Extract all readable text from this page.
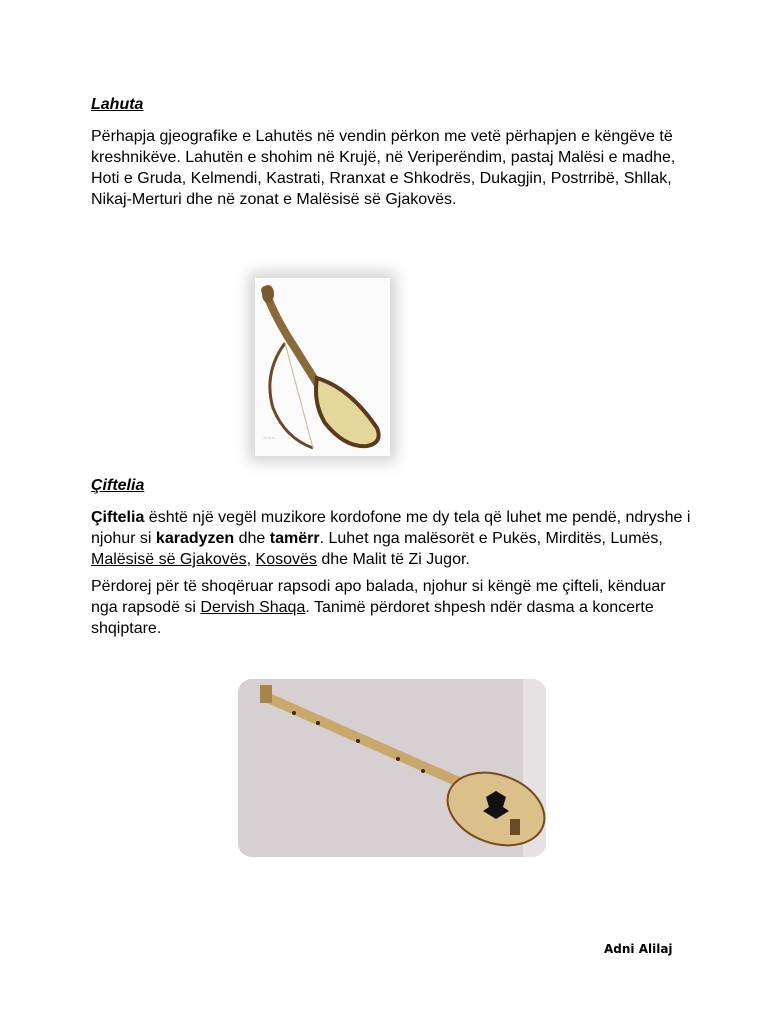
Lahuta

Përhapja gjeografike e Lahutës në vendin përkon me vetë përhapjen e këngëve të kreshnikëve. Lahutën e shohim në Krujë, në Veriperëndim, pastaj Malësi e madhe, Hoti e Gruda, Kelmendi, Kastrati, Rranxat e Shkodrës, Dukagjin, Postrribë, Shllak, Nikaj-Merturi dhe në zonat e Malësisë së Gjakovës.

~~~
Çiftelia

Çiftelia është një vegël muzikore kordofone me dy tela që luhet me pendë, ndryshe i njohur si karadyzen dhe tamërr. Luhet nga malësorët e Pukës, Mirditës, Lumës, Malësisë së Gjakovës, Kosovës dhe Malit të Zi Jugor.

Përdorej për të shoqëruar rapsodi apo balada, njohur si këngë me çifteli, kënduar nga rapsodë si Dervish Shaqa. Tanimë përdoret shpesh ndër dasma a koncerte shqiptare.

Adni Alilaj
